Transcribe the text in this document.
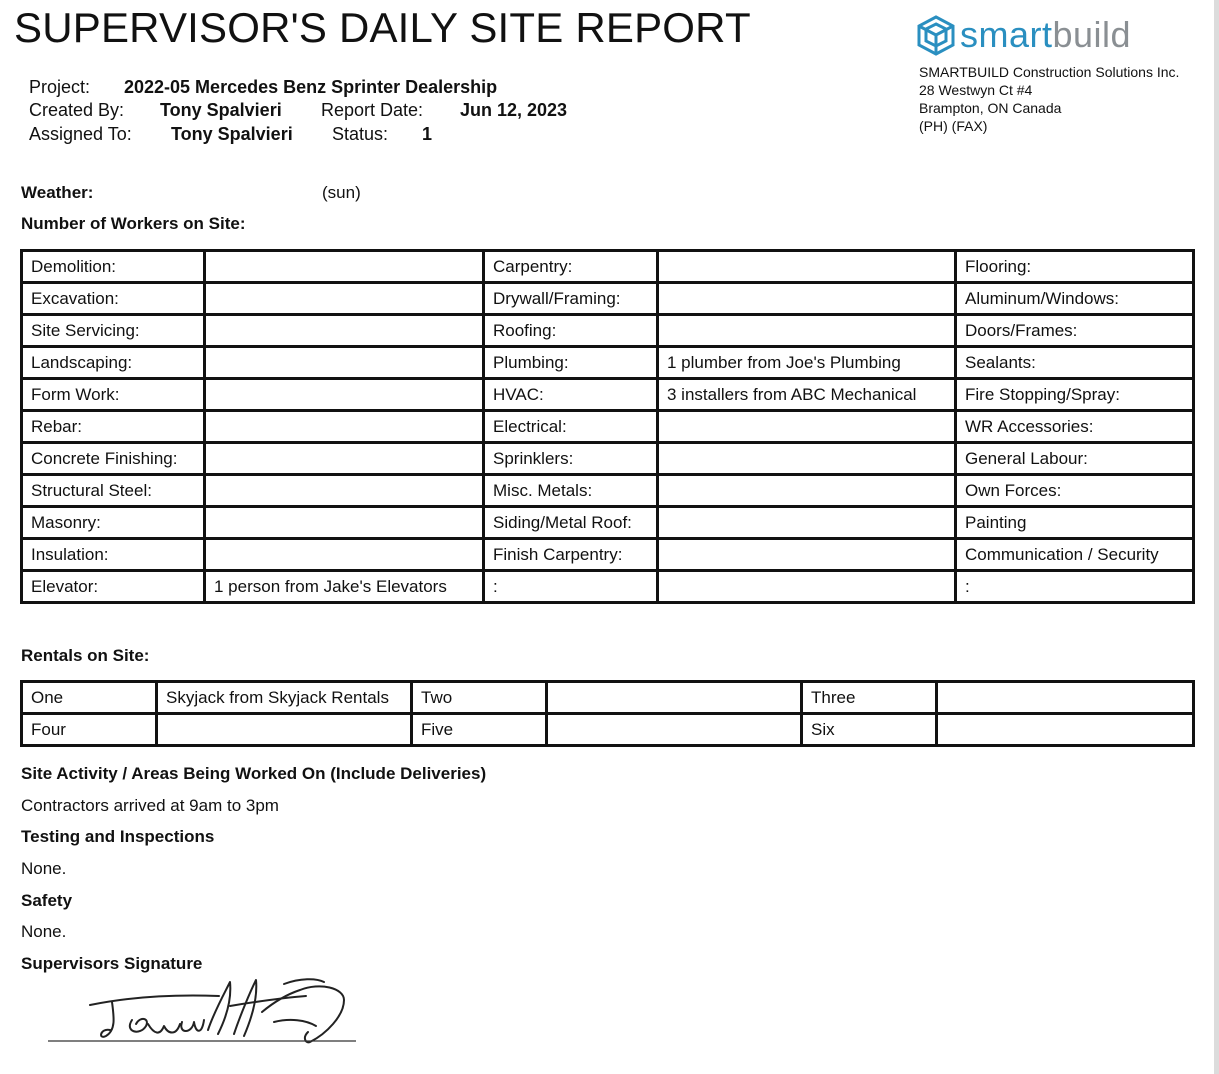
SUPERVISOR'S DAILY SITE REPORT	smartbuild
SMARTBUILD Construction Solutions Inc.
28 Westwyn Ct #4
Brampton, ON Canada
(PH) (FAX)
Project: 2022-05 Mercedes Benz Sprinter Dealership
Created By: Tony Spalvieri Report Date: Jun 12, 2023
Assigned To: Tony Spalvieri Status: 1
Weather:	(sun)
Number of Workers on Site:
Demolition:		Carpentry:		Flooring:
Excavation:		Drywall/Framing:		Aluminum/Windows:
Site Servicing:		Roofing:		Doors/Frames:
Landscaping:		Plumbing:	1 plumber from Joe's Plumbing	Sealants:
Form Work:		HVAC:	3 installers from ABC Mechanical	Fire Stopping/Spray:
Rebar:		Electrical:		WR Accessories:
Concrete Finishing:		Sprinklers:		General Labour:
Structural Steel:		Misc. Metals:		Own Forces:
Masonry:		Siding/Metal Roof:		Painting
Insulation:		Finish Carpentry:		Communication / Security
Elevator:	1 person from Jake's Elevators	:		:
Rentals on Site:
One	Skyjack from Skyjack Rentals	Two		Three	
Four		Five		Six	
Site Activity / Areas Being Worked On (Include Deliveries)
Contractors arrived at 9am to 3pm
Testing and Inspections
None.
Safety
None.
Supervisors Signature
